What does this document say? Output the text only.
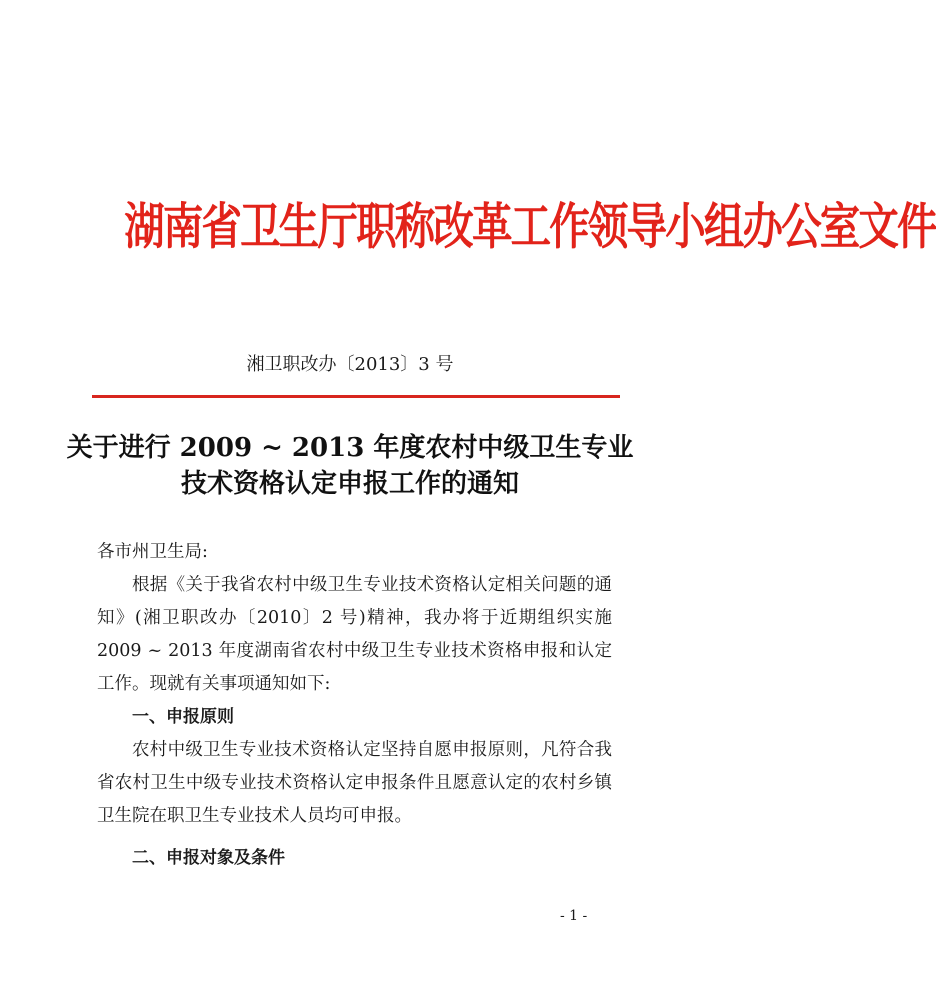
湖南省卫生厅职称改革工作领导小组办公室文件
湘卫职改办〔2013〕3 号
关于进行 2009 ~ 2013 年度农村中级卫生专业
技术资格认定申报工作的通知
各市州卫生局:
根据《关于我省农村中级卫生专业技术资格认定相关问题的通知》(湘卫职改办〔2010〕2 号)精神，我办将于近期组织实施 2009 ~ 2013 年度湖南省农村中级卫生专业技术资格申报和认定工作。现就有关事项通知如下:
一、申报原则
农村中级卫生专业技术资格认定坚持自愿申报原则，凡符合我省农村卫生中级专业技术资格认定申报条件且愿意认定的农村乡镇卫生院在职卫生专业技术人员均可申报。
二、申报对象及条件
- 1 -
